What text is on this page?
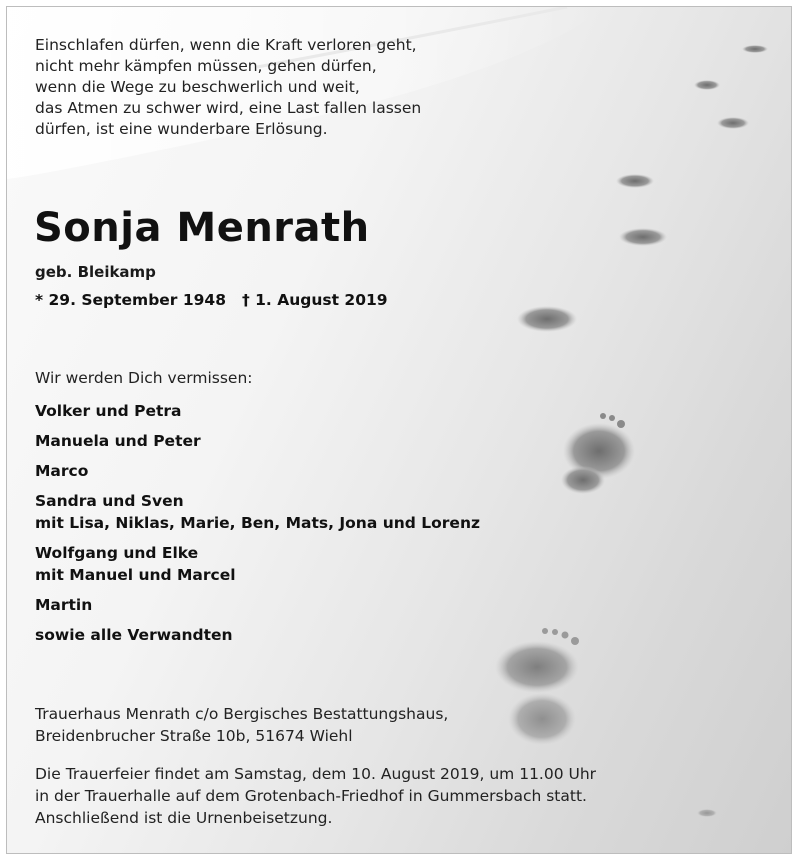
Einschlafen dürfen, wenn die Kraft verloren geht,
nicht mehr kämpfen müssen, gehen dürfen,
wenn die Wege zu beschwerlich und weit,
das Atmen zu schwer wird, eine Last fallen lassen
dürfen, ist eine wunderbare Erlösung.
Sonja Menrath
geb. Bleikamp
* 29. September 1948 † 1. August 2019
Wir werden Dich vermissen:
Volker und Petra
Manuela und Peter
Marco
Sandra und Sven
mit Lisa, Niklas, Marie, Ben, Mats, Jona und Lorenz
Wolfgang und Elke
mit Manuel und Marcel
Martin
sowie alle Verwandten
Trauerhaus Menrath c/o Bergisches Bestattungshaus,
Breidenbrucher Straße 10b, 51674 Wiehl
Die Trauerfeier findet am Samstag, dem 10. August 2019, um 11.00 Uhr
in der Trauerhalle auf dem Grotenbach-Friedhof in Gummersbach statt.
Anschließend ist die Urnenbeisetzung.
